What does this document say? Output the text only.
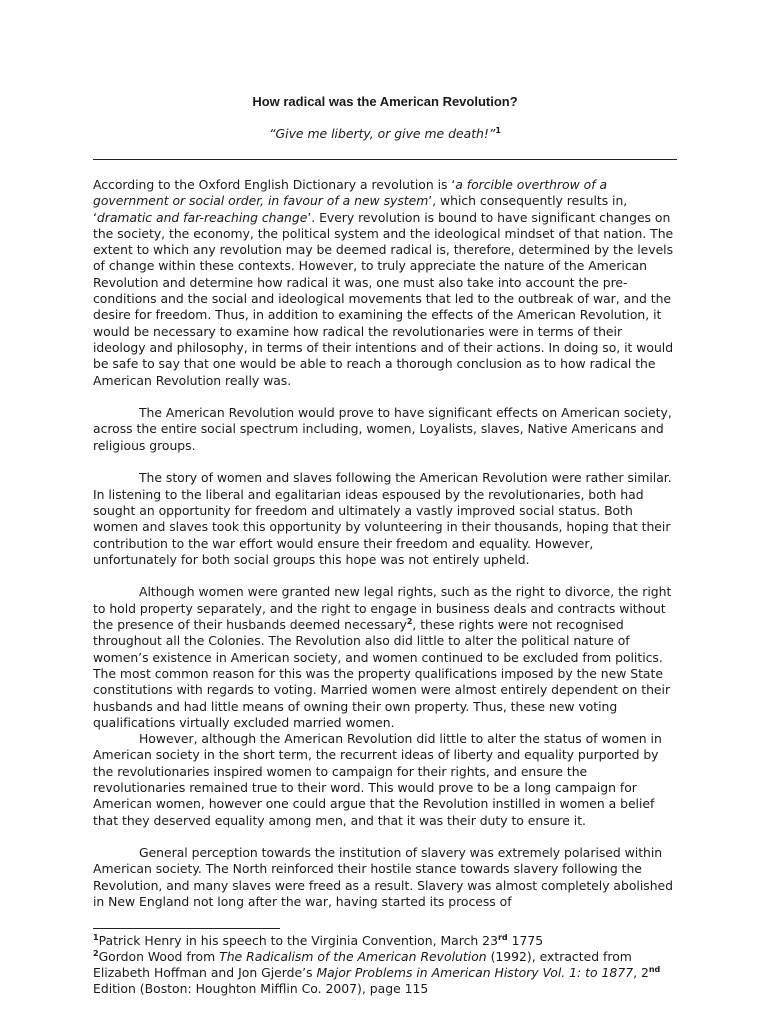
How radical was the American Revolution?
“Give me liberty, or give me death!”$^1$

According to the Oxford English Dictionary a revolution is ‘a forcible overthrow of a government or social order, in favour of a new system’, which consequently results in, ‘dramatic and far-reaching change’. Every revolution is bound to have significant changes on the society, the economy, the political system and the ideological mindset of that nation. The extent to which any revolution may be deemed radical is, therefore, determined by the levels of change within these contexts. However, to truly appreciate the nature of the American Revolution and determine how radical it was, one must also take into account the pre-conditions and the social and ideological movements that led to the outbreak of war, and the desire for freedom. Thus, in addition to examining the effects of the American Revolution, it would be necessary to examine how radical the revolutionaries were in terms of their ideology and philosophy, in terms of their intentions and of their actions. In doing so, it would be safe to say that one would be able to reach a thorough conclusion as to how radical the American Revolution really was.

The American Revolution would prove to have significant effects on American society, across the entire social spectrum including, women, Loyalists, slaves, Native Americans and religious groups.

The story of women and slaves following the American Revolution were rather similar. In listening to the liberal and egalitarian ideas espoused by the revolutionaries, both had sought an opportunity for freedom and ultimately a vastly improved social status. Both women and slaves took this opportunity by volunteering in their thousands, hoping that their contribution to the war effort would ensure their freedom and equality. However, unfortunately for both social groups this hope was not entirely upheld.

Although women were granted new legal rights, such as the right to divorce, the right to hold property separately, and the right to engage in business deals and contracts without the presence of their husbands deemed necessary$^2$, these rights were not recognised throughout all the Colonies. The Revolution also did little to alter the political nature of women’s existence in American society, and women continued to be excluded from politics. The most common reason for this was the property qualifications imposed by the new State constitutions with regards to voting. Married women were almost entirely dependent on their husbands and had little means of owning their own property. Thus, these new voting qualifications virtually excluded married women.

However, although the American Revolution did little to alter the status of women in American society in the short term, the recurrent ideas of liberty and equality purported by the revolutionaries inspired women to campaign for their rights, and ensure the revolutionaries remained true to their word. This would prove to be a long campaign for American women, however one could argue that the Revolution instilled in women a belief that they deserved equality among men, and that it was their duty to ensure it.

General perception towards the institution of slavery was extremely polarised within American society. The North reinforced their hostile stance towards slavery following the Revolution, and many slaves were freed as a result. Slavery was almost completely abolished in New England not long after the war, having started its process of

$^1$Patrick Henry in his speech to the Virginia Convention, March 23rd 1775

$^2$Gordon Wood from The Radicalism of the American Revolution (1992), extracted from Elizabeth Hoffman and Jon Gjerde’s Major Problems in American History Vol. 1: to 1877, 2nd Edition (Boston: Houghton Mifflin Co. 2007), page 115
